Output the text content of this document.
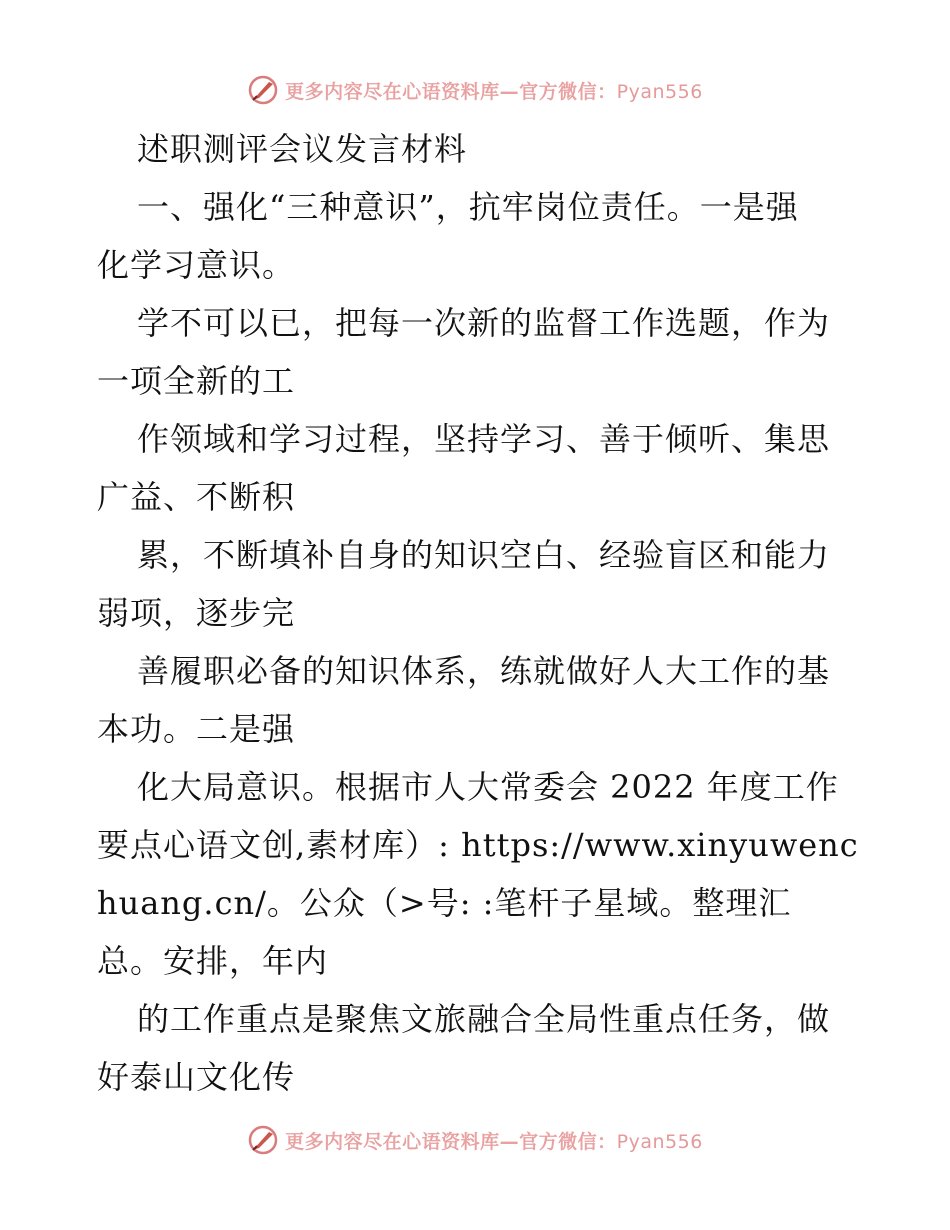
更多内容尽在心语资料库—官方微信：Pyan556

述职测评会议发言材料

一、强化“三种意识”，抗牢岗位责任。一是强

化学习意识。

学不可以已，把每一次新的监督工作选题，作为

一项全新的工

作领域和学习过程，坚持学习、善于倾听、集思

广益、不断积

累，不断填补自身的知识空白、经验盲区和能力

弱项，逐步完

善履职必备的知识体系，练就做好人大工作的基

本功。二是强

化大局意识。根据市人大常委会 2022 年度工作

要点心语文创,素材库）: https://www.xinyuwenc

huang.cn/。公众（>号: :笔杆子星域。整理汇

总。安排，年内

的工作重点是聚焦文旅融合全局性重点任务，做

好泰山文化传

更多内容尽在心语资料库—官方微信：Pyan556
